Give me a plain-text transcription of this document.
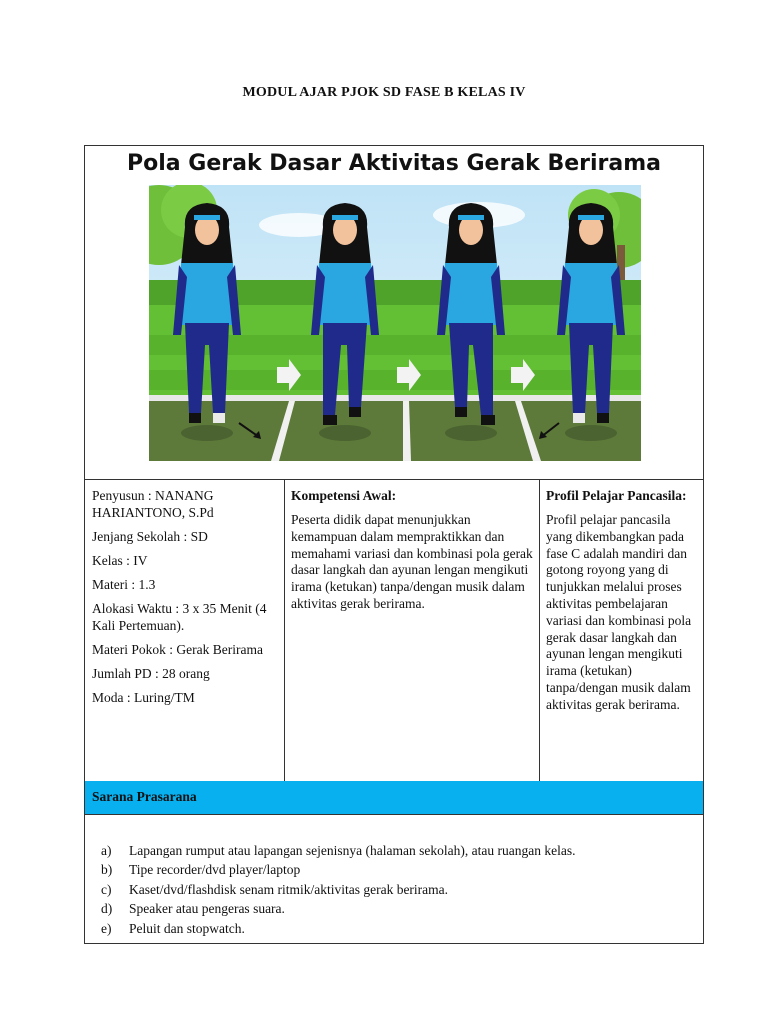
MODUL AJAR PJOK SD FASE B KELAS IV
Pola Gerak Dasar Aktivitas Gerak Berirama

Penyusun : NANANG HARIANTONO, S.Pd

Jenjang Sekolah : SD

Kelas : IV

Materi : 1.3

Alokasi Waktu : 3 x 35 Menit (4 Kali Pertemuan).

Materi Pokok : Gerak Berirama

Jumlah PD : 28 orang

Moda : Luring/TM

Kompetensi Awal:

Peserta didik dapat menunjukkan kemampuan dalam mempraktikkan dan memahami variasi dan kombinasi pola gerak dasar langkah dan ayunan lengan mengikuti irama (ketukan) tanpa/dengan musik dalam aktivitas gerak berirama.

Profil Pelajar Pancasila:

Profil pelajar pancasila yang dikembangkan pada fase C adalah mandiri dan gotong royong yang di tunjukkan melalui proses aktivitas pembelajaran variasi dan kombinasi pola gerak dasar langkah dan ayunan lengan mengikuti irama (ketukan) tanpa/dengan musik dalam aktivitas gerak berirama.

Sarana Prasarana
a) Lapangan rumput atau lapangan sejenisnya (halaman sekolah), atau ruangan kelas.
b) Tipe recorder/dvd player/laptop
c) Kaset/dvd/flashdisk senam ritmik/aktivitas gerak berirama.
d) Speaker atau pengeras suara.
e) Peluit dan stopwatch.
